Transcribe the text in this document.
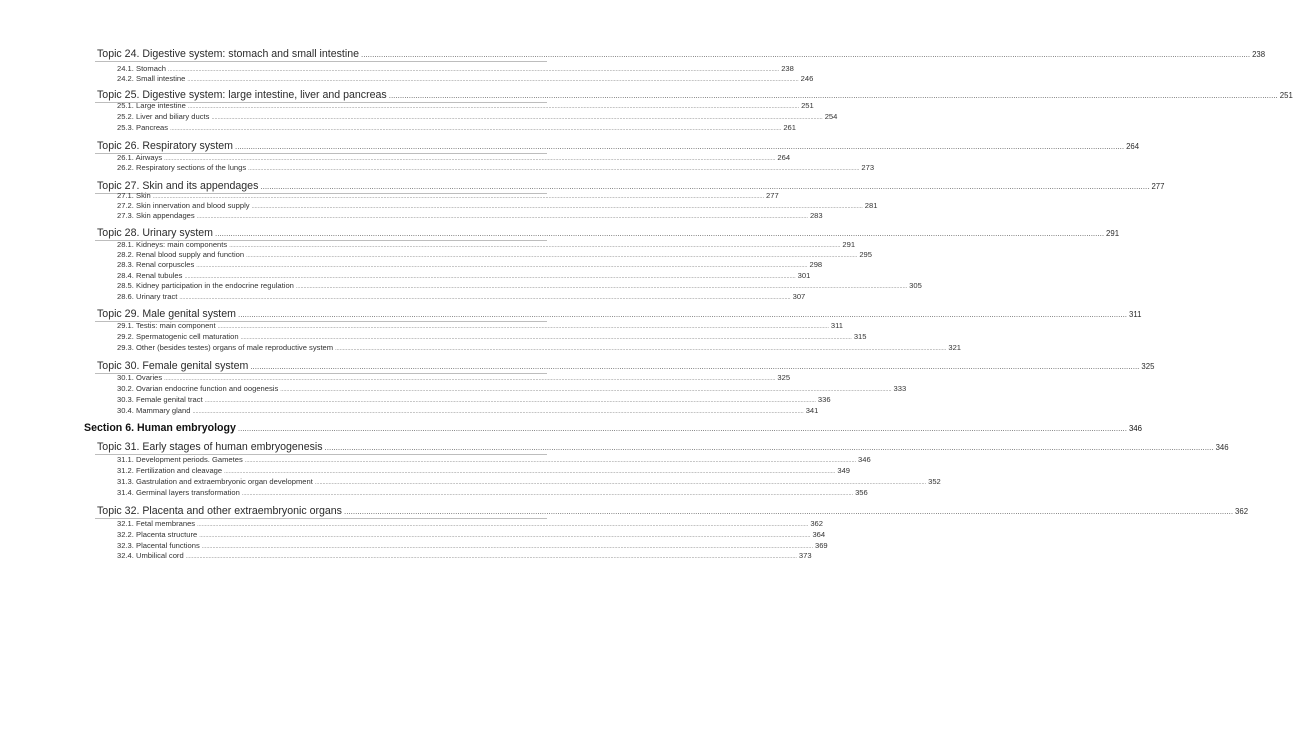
Topic 24. Digestive system: stomach and small intestine ................................................................................................................................................................................................................................................................................................................................................................................................................ 238
24.1. Stomach ................................................................................................................................................................................................................................................................................................................................................................................................................ 238
24.2. Small intestine ................................................................................................................................................................................................................................................................................................................................................................................................................ 246
Topic 25. Digestive system: large intestine, liver and pancreas ................................................................................................................................................................................................................................................................................................................................................................................................................ 251
25.1. Large intestine ................................................................................................................................................................................................................................................................................................................................................................................................................ 251
25.2. Liver and biliary ducts ................................................................................................................................................................................................................................................................................................................................................................................................................ 254
25.3. Pancreas ................................................................................................................................................................................................................................................................................................................................................................................................................ 261
Topic 26. Respiratory system ................................................................................................................................................................................................................................................................................................................................................................................................................ 264
26.1. Airways ................................................................................................................................................................................................................................................................................................................................................................................................................ 264
26.2. Respiratory sections of the lungs ................................................................................................................................................................................................................................................................................................................................................................................................................ 273
Topic 27. Skin and its appendages ................................................................................................................................................................................................................................................................................................................................................................................................................ 277
27.1. Skin ................................................................................................................................................................................................................................................................................................................................................................................................................ 277
27.2. Skin innervation and blood supply ................................................................................................................................................................................................................................................................................................................................................................................................................ 281
27.3. Skin appendages ................................................................................................................................................................................................................................................................................................................................................................................................................ 283
Topic 28. Urinary system ................................................................................................................................................................................................................................................................................................................................................................................................................ 291
28.1. Kidneys: main components ................................................................................................................................................................................................................................................................................................................................................................................................................ 291
28.2. Renal blood supply and function ................................................................................................................................................................................................................................................................................................................................................................................................................ 295
28.3. Renal corpuscles ................................................................................................................................................................................................................................................................................................................................................................................................................ 298
28.4. Renal tubules ................................................................................................................................................................................................................................................................................................................................................................................................................ 301
28.5. Kidney participation in the endocrine regulation ................................................................................................................................................................................................................................................................................................................................................................................................................ 305
28.6. Urinary tract ................................................................................................................................................................................................................................................................................................................................................................................................................ 307
Topic 29. Male genital system ................................................................................................................................................................................................................................................................................................................................................................................................................ 311
29.1. Testis: main component ................................................................................................................................................................................................................................................................................................................................................................................................................ 311
29.2. Spermatogenic cell maturation ................................................................................................................................................................................................................................................................................................................................................................................................................ 315
29.3. Other (besides testes) organs of male reproductive system ................................................................................................................................................................................................................................................................................................................................................................................................................ 321
Topic 30. Female genital system ................................................................................................................................................................................................................................................................................................................................................................................................................ 325
30.1. Ovaries ................................................................................................................................................................................................................................................................................................................................................................................................................ 325
30.2. Ovarian endocrine function and oogenesis ................................................................................................................................................................................................................................................................................................................................................................................................................ 333
30.3. Female genital tract ................................................................................................................................................................................................................................................................................................................................................................................................................ 336
30.4. Mammary gland ................................................................................................................................................................................................................................................................................................................................................................................................................ 341
Section 6. Human embryology ................................................................................................................................................................................................................................................................................................................................................................................................................ 346
Topic 31. Early stages of human embryogenesis ................................................................................................................................................................................................................................................................................................................................................................................................................ 346
31.1. Development periods. Gametes ................................................................................................................................................................................................................................................................................................................................................................................................................ 346
31.2. Fertilization and cleavage ................................................................................................................................................................................................................................................................................................................................................................................................................ 349
31.3. Gastrulation and extraembryonic organ development ................................................................................................................................................................................................................................................................................................................................................................................................................ 352
31.4. Germinal layers transformation ................................................................................................................................................................................................................................................................................................................................................................................................................ 356
Topic 32. Placenta and other extraembryonic organs ................................................................................................................................................................................................................................................................................................................................................................................................................ 362
32.1. Fetal membranes ................................................................................................................................................................................................................................................................................................................................................................................................................ 362
32.2. Placenta structure ................................................................................................................................................................................................................................................................................................................................................................................................................ 364
32.3. Placental functions ................................................................................................................................................................................................................................................................................................................................................................................................................ 369
32.4. Umbilical cord ................................................................................................................................................................................................................................................................................................................................................................................................................ 373
